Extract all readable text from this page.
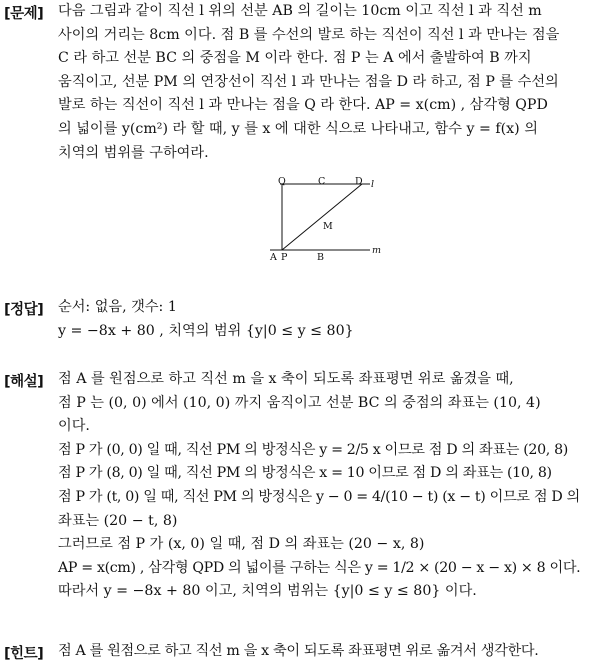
[문제] 다음 그림과 같이 직선 l 위의 선분 AB 의 길이는 10cm 이고 직선 l 과 직선 m
사이의 거리는 8cm 이다. 점 B 를 수선의 발로 하는 직선이 직선 l 과 만나는 점을
C 라 하고 선분 BC 의 중점을 M 이라 한다. 점 P 는 A 에서 출발하여 B 까지
움직이고, 선분 PM 의 연장선이 직선 l 과 만나는 점을 D 라 하고, 점 P 를 수선의
발로 하는 직선이 직선 l 과 만나는 점을 Q 라 한다. AP = x(cm) , 삼각형 QPD
의 넓이를 y(cm²) 라 할 때, y 를 x 에 대한 식으로 나타내고, 함수 y = f(x) 의
치역의 범위를 구하여라.
Q	C	D l
M
A P	B
m
[정답] 순서: 없음, 갯수: 1
y = −8x + 80 , 치역의 범위 {y|0 ≤ y ≤ 80}
[해설] 점 A 를 원점으로 하고 직선 m 을 x 축이 되도록 좌표평면 위로 옮겼을 때,
점 P 는 (0, 0) 에서 (10, 0) 까지 움직이고 선분 BC 의 중점의 좌표는 (10, 4)
이다.
점 P 가 (0, 0) 일 때, 직선 PM 의 방정식은 y = 2/5 x 이므로 점 D 의 좌표는 (20, 8)
점 P 가 (8, 0) 일 때, 직선 PM 의 방정식은 x = 10 이므로 점 D 의 좌표는 (10, 8)
점 P 가 (t, 0) 일 때, 직선 PM 의 방정식은 y − 0 = 4/(10 − t) (x − t) 이므로 점 D 의
좌표는 (20 − t, 8)
그러므로 점 P 가 (x, 0) 일 때, 점 D 의 좌표는 (20 − x, 8)
AP = x(cm) , 삼각형 QPD 의 넓이를 구하는 식은 y = 1/2 × (20 − x − x) × 8 이다.
따라서 y = −8x + 80 이고, 치역의 범위는 {y|0 ≤ y ≤ 80} 이다.
[힌트] 점 A 를 원점으로 하고 직선 m 을 x 축이 되도록 좌표평면 위로 옮겨서 생각한다.
